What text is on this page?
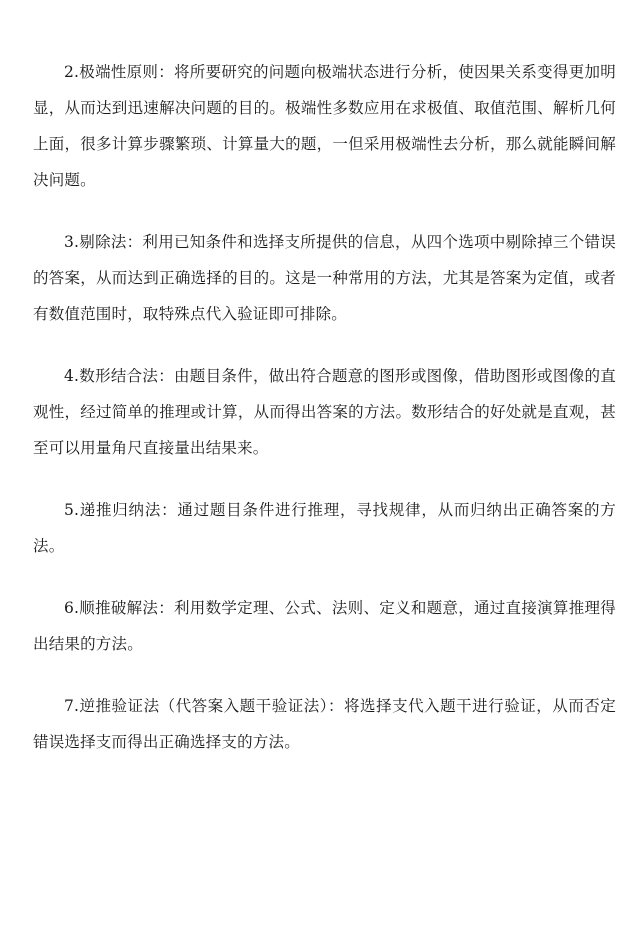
2.极端性原则：将所要研究的问题向极端状态进行分析，使因果关系变得更加明显，从而达到迅速解决问题的目的。极端性多数应用在求极值、取值范围、解析几何上面，很多计算步骤繁琐、计算量大的题，一但采用极端性去分析，那么就能瞬间解决问题。

3.剔除法：利用已知条件和选择支所提供的信息，从四个选项中剔除掉三个错误的答案，从而达到正确选择的目的。这是一种常用的方法，尤其是答案为定值，或者有数值范围时，取特殊点代入验证即可排除。

4.数形结合法：由题目条件，做出符合题意的图形或图像，借助图形或图像的直观性，经过简单的推理或计算，从而得出答案的方法。数形结合的好处就是直观，甚至可以用量角尺直接量出结果来。

5.递推归纳法：通过题目条件进行推理，寻找规律，从而归纳出正确答案的方法。

6.顺推破解法：利用数学定理、公式、法则、定义和题意，通过直接演算推理得出结果的方法。

7.逆推验证法（代答案入题干验证法）：将选择支代入题干进行验证，从而否定错误选择支而得出正确选择支的方法。
